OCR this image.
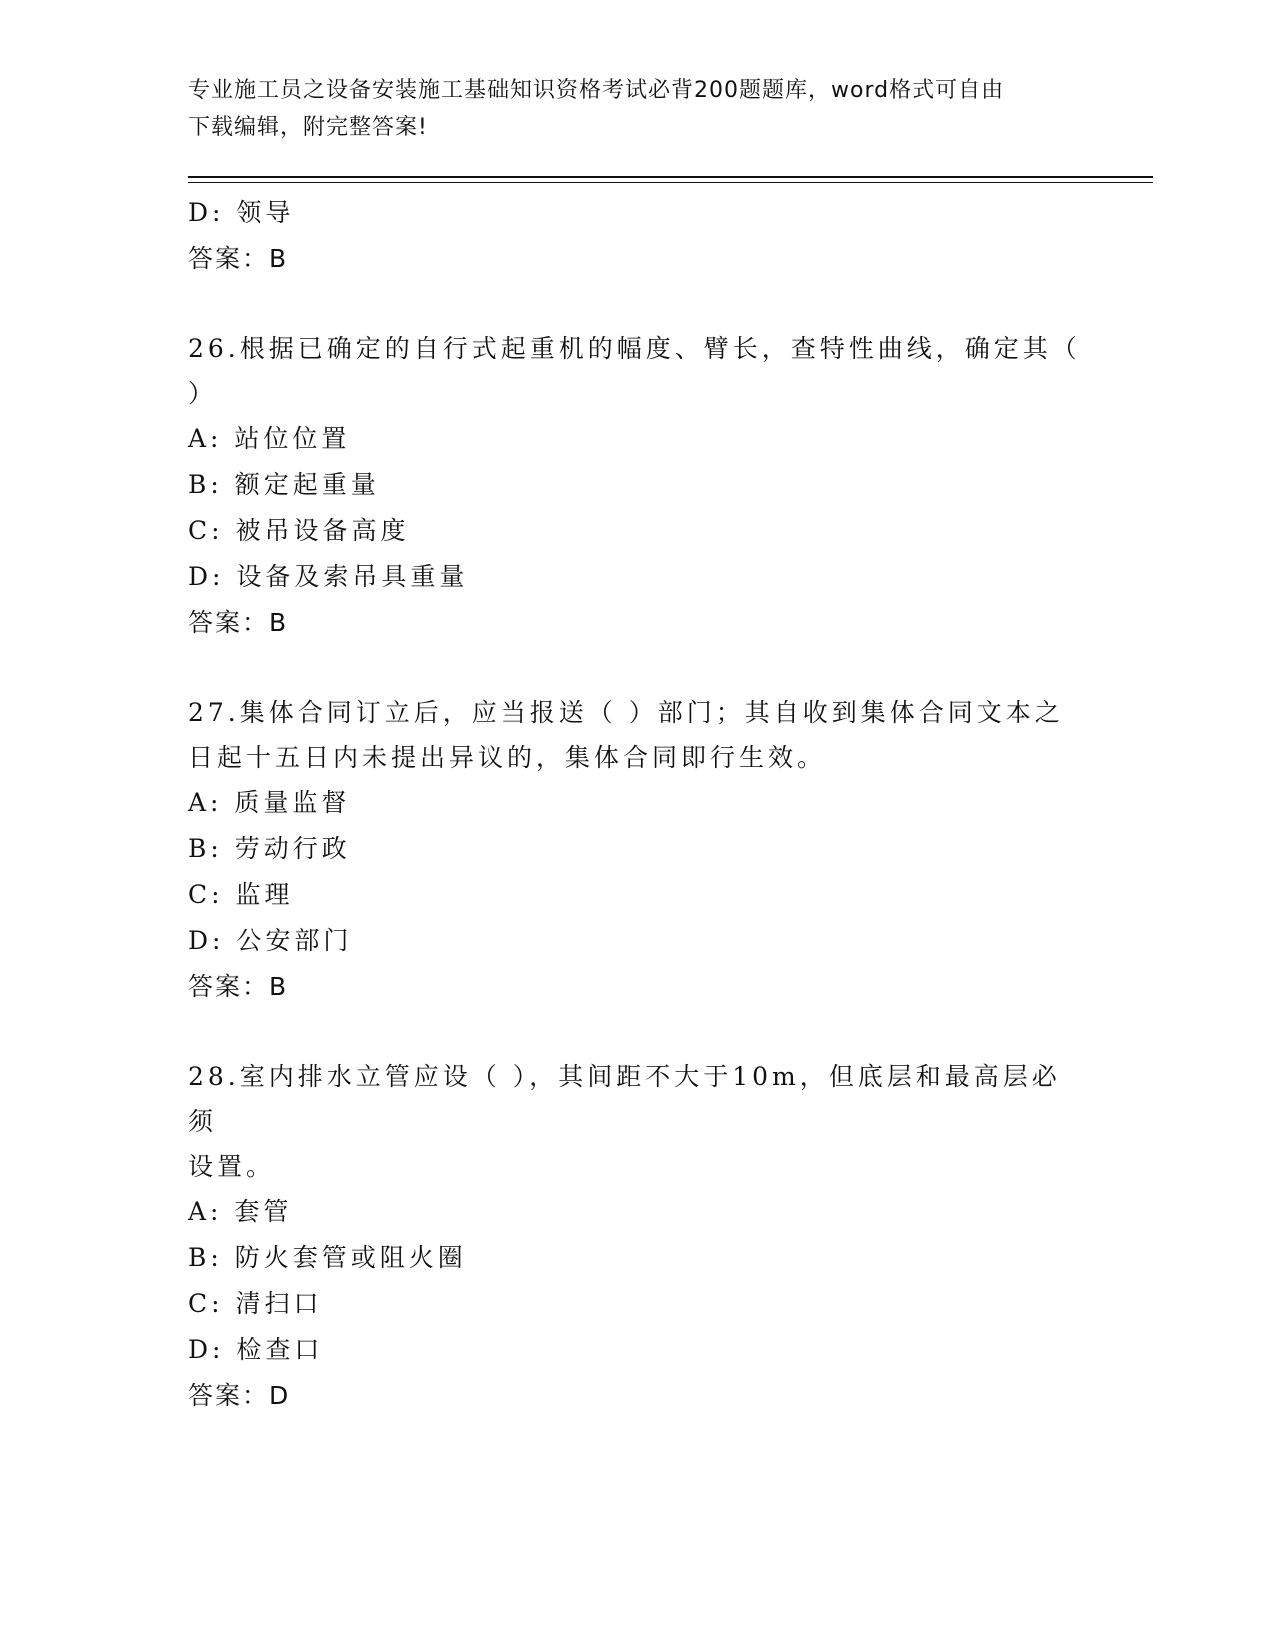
专业施工员之设备安装施工基础知识资格考试必背200题题库，word格式可自由
下载编辑，附完整答案!
D: 领导
答案：B
26.根据已确定的自行式起重机的幅度、臂长，查特性曲线，确定其（
）
A: 站位位置
B: 额定起重量
C: 被吊设备高度
D: 设备及索吊具重量
答案：B
27.集体合同订立后，应当报送（ ）部门；其自收到集体合同文本之
日起十五日内未提出异议的，集体合同即行生效。
A: 质量监督
B: 劳动行政
C: 监理
D: 公安部门
答案：B
28.室内排水立管应设（ ），其间距不大于10m，但底层和最高层必须
设置。
A: 套管
B: 防火套管或阻火圈
C: 清扫口
D: 检查口
答案：D
